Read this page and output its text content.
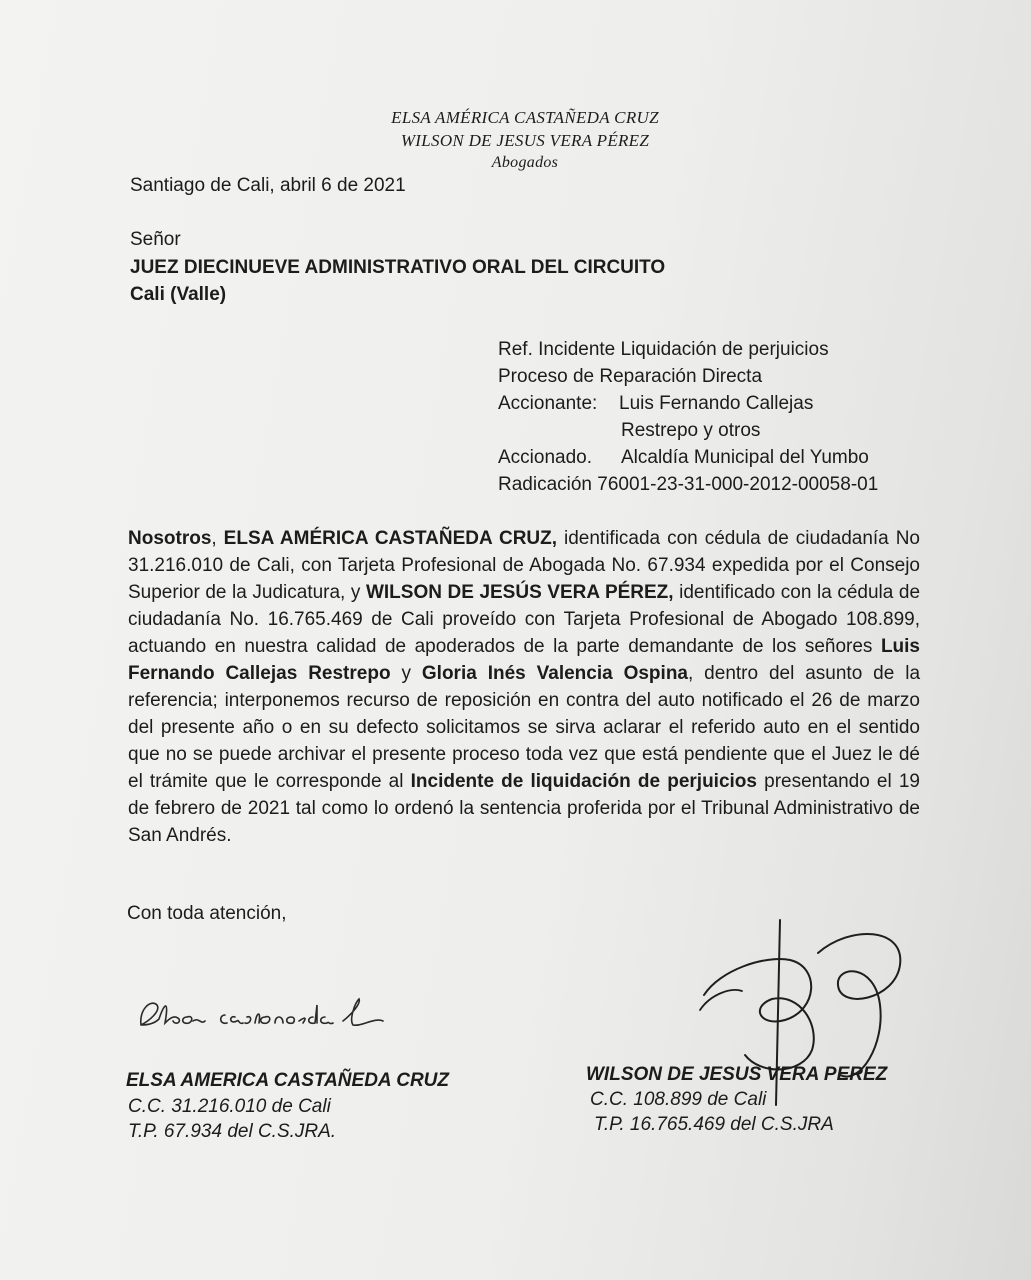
ELSA AMÉRICA CASTAÑEDA CRUZ
WILSON DE JESUS VERA PÉREZ
Abogados
Santiago de Cali, abril 6 de 2021
Señor
JUEZ DIECINUEVE ADMINISTRATIVO ORAL DEL CIRCUITO
Cali (Valle)
Ref. Incidente Liquidación de perjuicios
Proceso de Reparación Directa
Accionante: Luis Fernando Callejas
Restrepo y otros
Accionado. Alcaldía Municipal del Yumbo
Radicación 76001-23-31-000-2012-00058-01
Nosotros, ELSA AMÉRICA CASTAÑEDA CRUZ, identificada con cédula de ciudadanía No 31.216.010 de Cali, con Tarjeta Profesional de Abogada No. 67.934 expedida por el Consejo Superior de la Judicatura, y WILSON DE JESÚS VERA PÉREZ, identificado con la cédula de ciudadanía No. 16.765.469 de Cali proveído con Tarjeta Profesional de Abogado 108.899, actuando en nuestra calidad de apoderados de la parte demandante de los señores Luis Fernando Callejas Restrepo y Gloria Inés Valencia Ospina, dentro del asunto de la referencia; interponemos recurso de reposición en contra del auto notificado el 26 de marzo del presente año o en su defecto solicitamos se sirva aclarar el referido auto en el sentido que no se puede archivar el presente proceso toda vez que está pendiente que el Juez le dé el trámite que le corresponde al Incidente de liquidación de perjuicios presentando el 19 de febrero de 2021 tal como lo ordenó la sentencia proferida por el Tribunal Administrativo de San Andrés.
Con toda atención,
ELSA AMERICA CASTAÑEDA CRUZ
C.C. 31.216.010 de Cali
T.P. 67.934 del C.S.JRA.
WILSON DE JESUS VERA PEREZ
C.C. 108.899 de Cali
T.P. 16.765.469 del C.S.JRA
